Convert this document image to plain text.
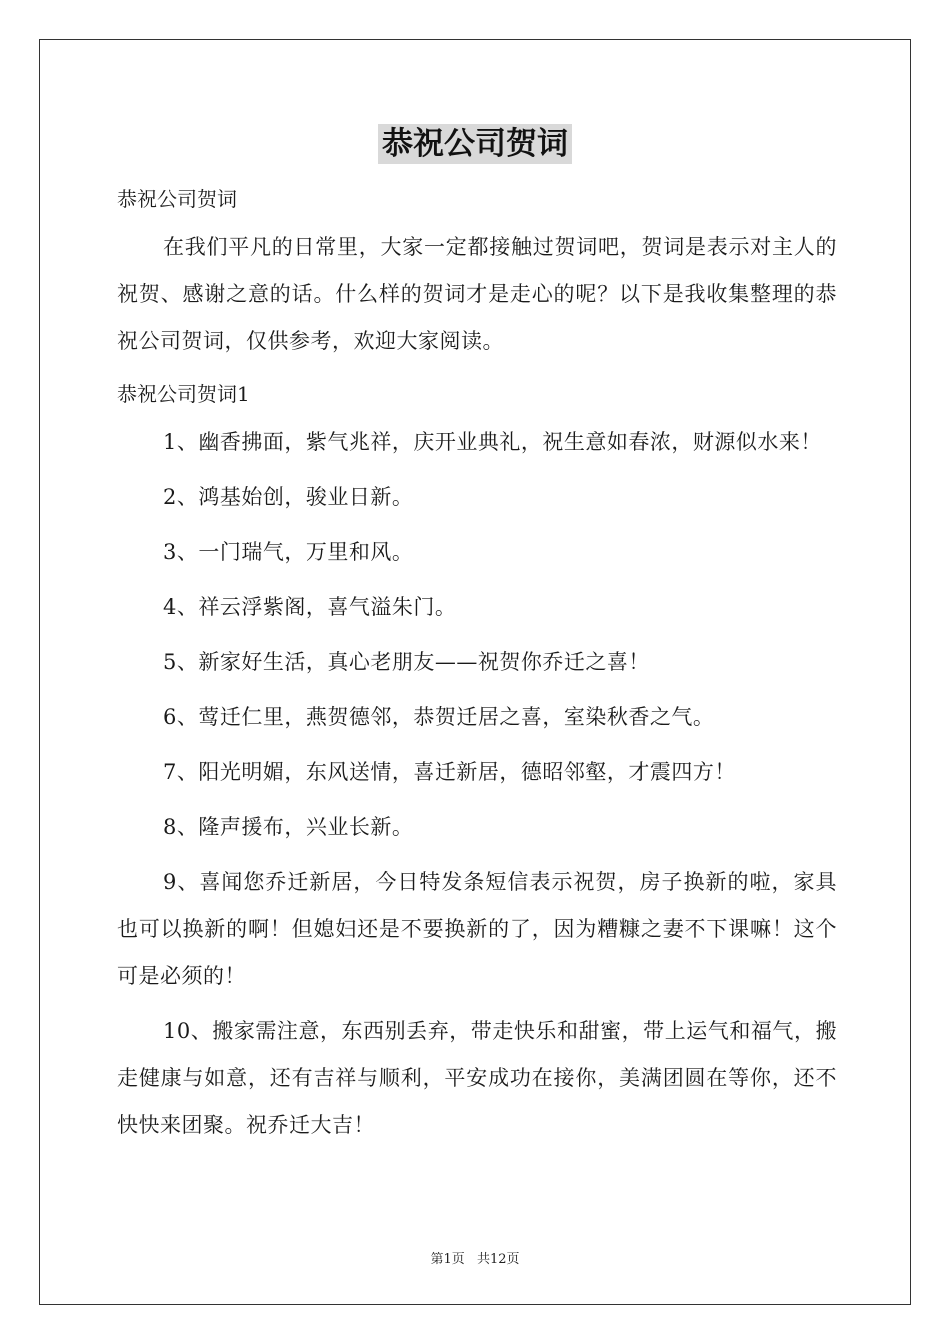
恭祝公司贺词

恭祝公司贺词

在我们平凡的日常里，大家一定都接触过贺词吧，贺词是表示对主人的祝贺、感谢之意的话。什么样的贺词才是走心的呢？以下是我收集整理的恭祝公司贺词，仅供参考，欢迎大家阅读。

恭祝公司贺词1

1、幽香拂面，紫气兆祥，庆开业典礼，祝生意如春浓，财源似水来！

2、鸿基始创，骏业日新。

3、一门瑞气，万里和风。

4、祥云浮紫阁，喜气溢朱门。

5、新家好生活，真心老朋友——祝贺你乔迁之喜！

6、莺迁仁里，燕贺德邻，恭贺迁居之喜，室染秋香之气。

7、阳光明媚，东风送情，喜迁新居，德昭邻壑，才震四方！

8、隆声援布，兴业长新。

9、喜闻您乔迁新居，今日特发条短信表示祝贺，房子换新的啦，家具也可以换新的啊！但媳妇还是不要换新的了，因为糟糠之妻不下课嘛！这个可是必须的！

10、搬家需注意，东西别丢弃，带走快乐和甜蜜，带上运气和福气，搬走健康与如意，还有吉祥与顺利，平安成功在接你，美满团圆在等你，还不快快来团聚。祝乔迁大吉！

第1页 共12页
